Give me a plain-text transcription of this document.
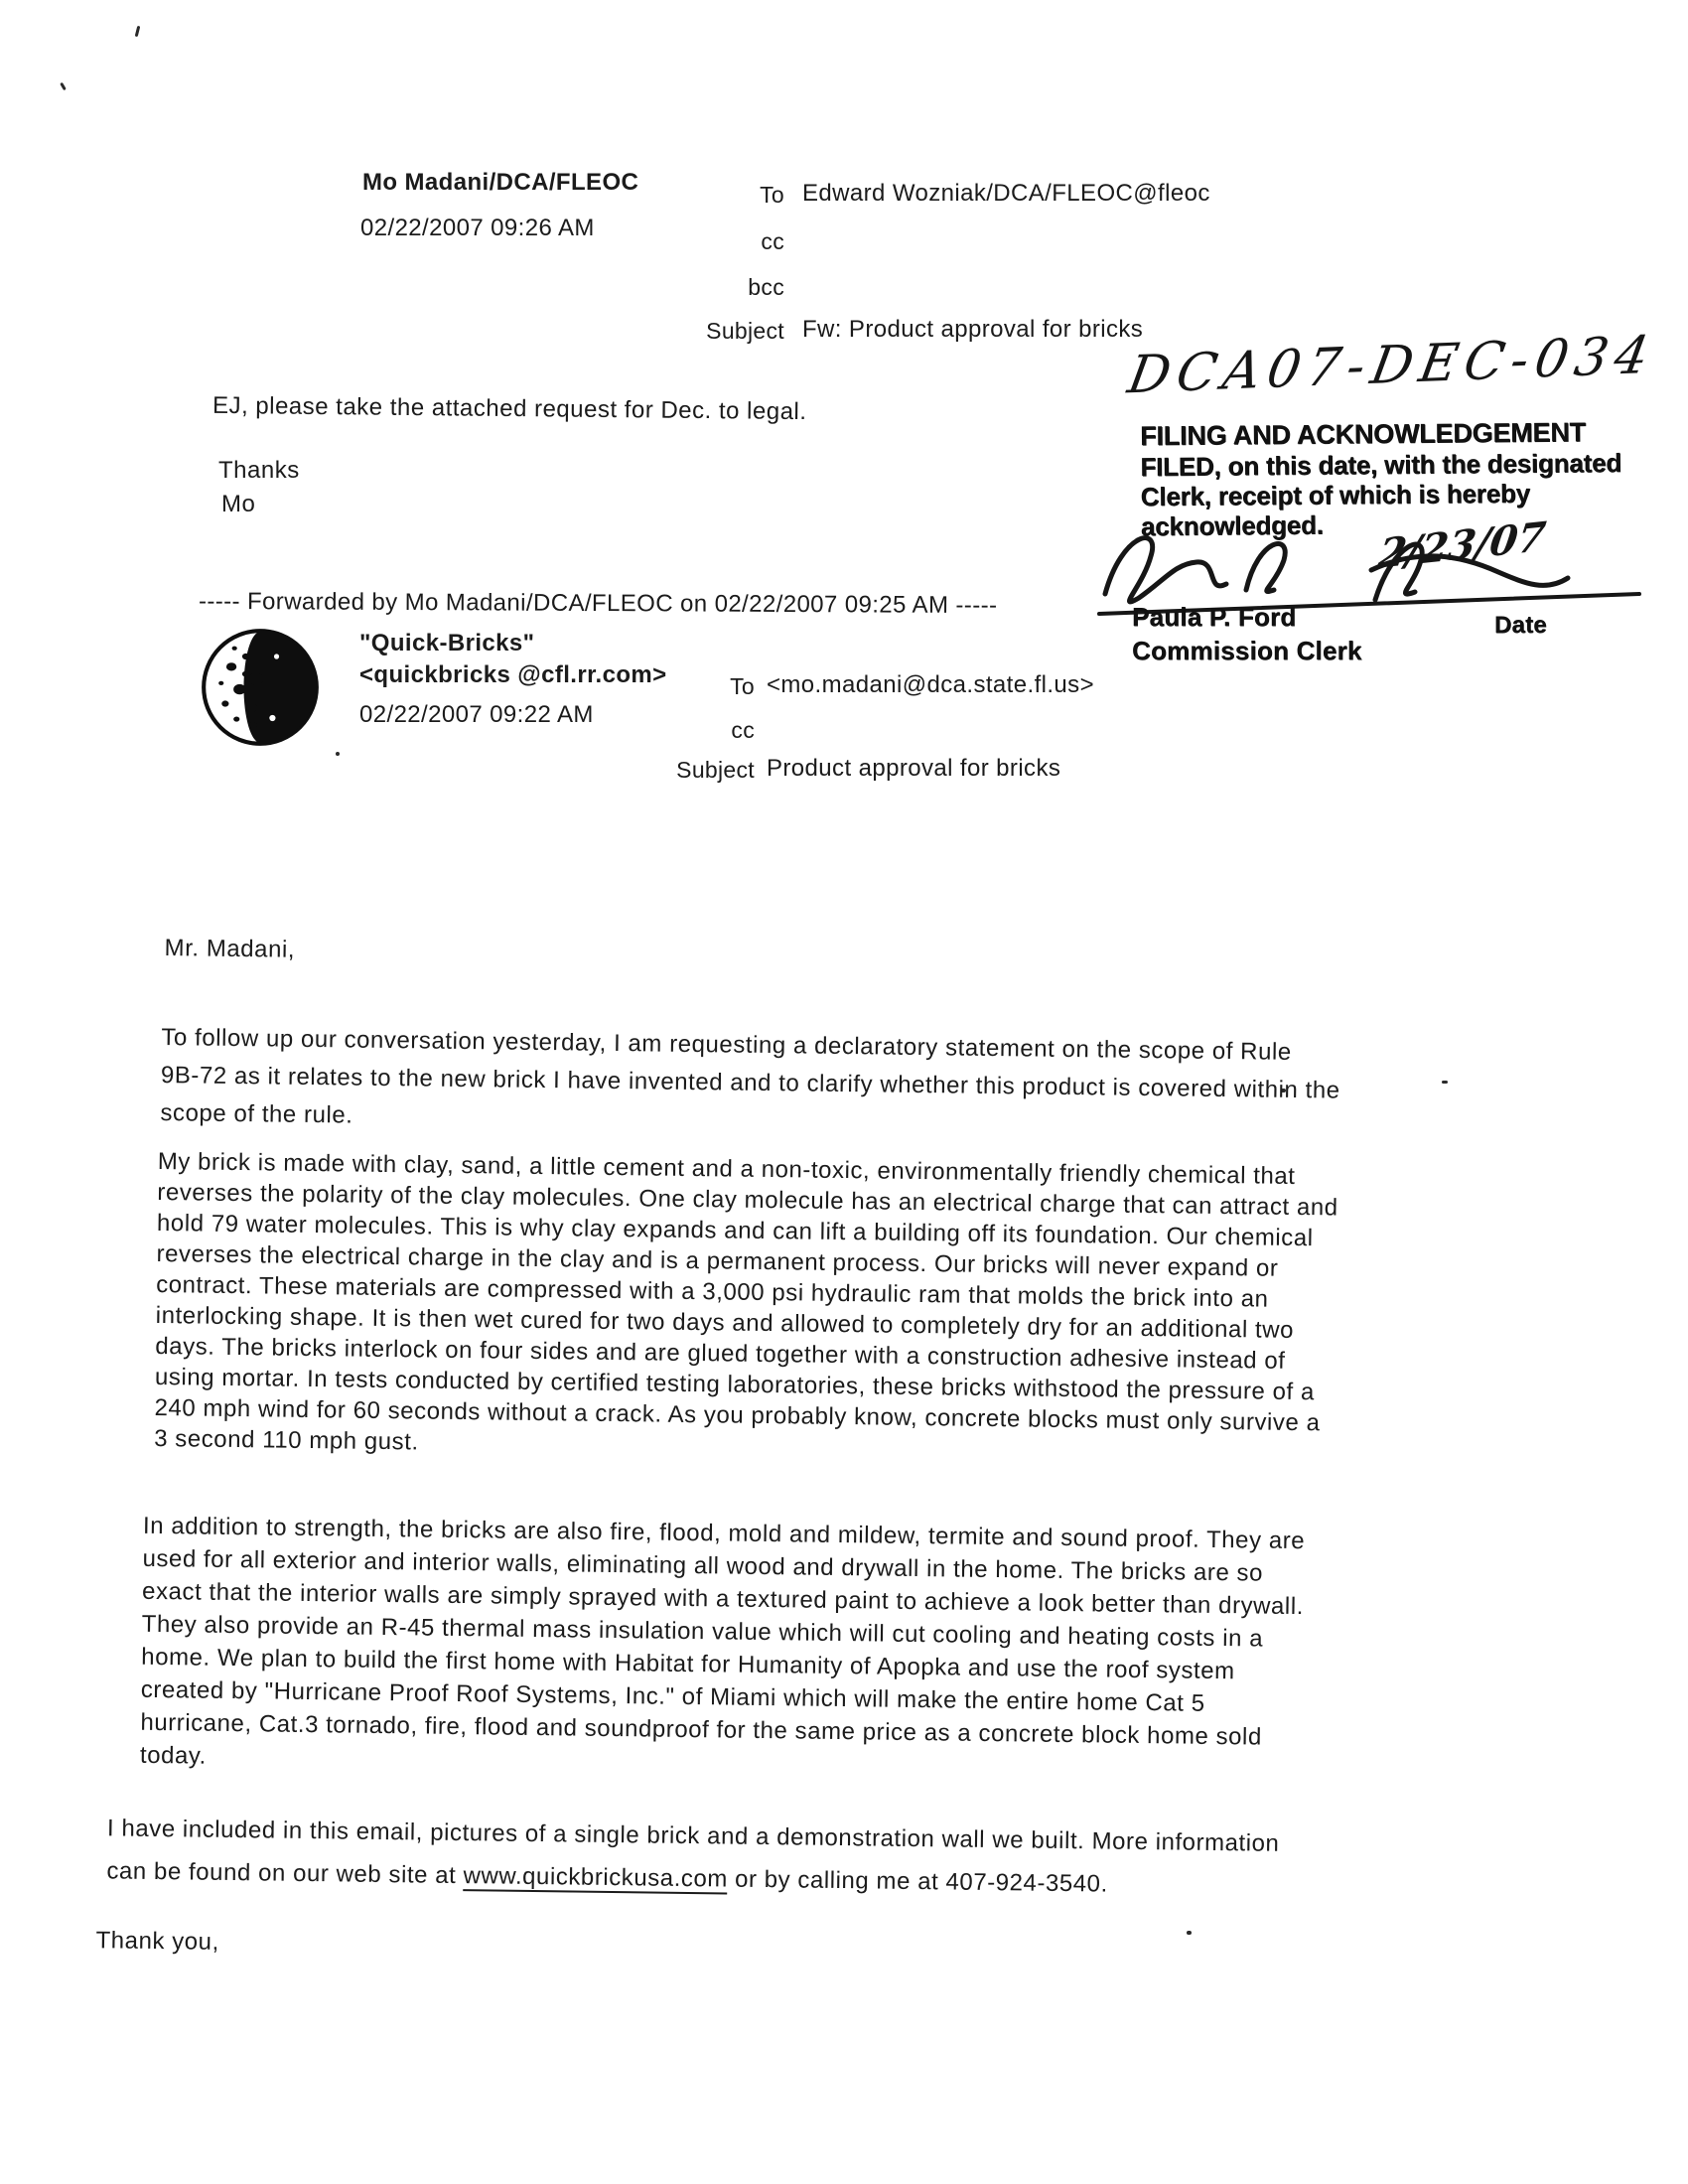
Mo Madani/DCA/FLEOC
02/22/2007 09:26 AM
To Edward Wozniak/DCA/FLEOC@fleoc
cc
bcc
Subject Fw: Product approval for bricks
EJ, please take the attached request for Dec. to legal.
Thanks
Mo
DCA07-DEC-034
FILING AND ACKNOWLEDGEMENT
FILED, on this date, with the designated
Clerk, receipt of which is hereby
acknowledged.	2/23/07
Paula P. Ford	Date
Commission Clerk
----- Forwarded by Mo Madani/DCA/FLEOC on 02/22/2007 09:25 AM -----
"Quick-Bricks"
<quickbricks @cfl.rr.com>
02/22/2007 09:22 AM
To <mo.madani@dca.state.fl.us>
cc
Subject Product approval for bricks
Mr. Madani,
To follow up our conversation yesterday, I am requesting a declaratory statement on the scope of Rule
9B-72 as it relates to the new brick I have invented and to clarify whether this product is covered within the
scope of the rule.
My brick is made with clay, sand, a little cement and a non-toxic, environmentally friendly chemical that
reverses the polarity of the clay molecules. One clay molecule has an electrical charge that can attract and
hold 79 water molecules. This is why clay expands and can lift a building off its foundation. Our chemical
reverses the electrical charge in the clay and is a permanent process. Our bricks will never expand or
contract. These materials are compressed with a 3,000 psi hydraulic ram that molds the brick into an
interlocking shape. It is then wet cured for two days and allowed to completely dry for an additional two
days. The bricks interlock on four sides and are glued together with a construction adhesive instead of
using mortar. In tests conducted by certified testing laboratories, these bricks withstood the pressure of a
240 mph wind for 60 seconds without a crack. As you probably know, concrete blocks must only survive a
3 second 110 mph gust.
In addition to strength, the bricks are also fire, flood, mold and mildew, termite and sound proof. They are
used for all exterior and interior walls, eliminating all wood and drywall in the home. The bricks are so
exact that the interior walls are simply sprayed with a textured paint to achieve a look better than drywall.
They also provide an R-45 thermal mass insulation value which will cut cooling and heating costs in a
home. We plan to build the first home with Habitat for Humanity of Apopka and use the roof system
created by "Hurricane Proof Roof Systems, Inc." of Miami which will make the entire home Cat 5
hurricane, Cat.3 tornado, fire, flood and soundproof for the same price as a concrete block home sold
today.
I have included in this email, pictures of a single brick and a demonstration wall we built. More information
can be found on our web site at www.quickbrickusa.com or by calling me at 407-924-3540.
Thank you,
